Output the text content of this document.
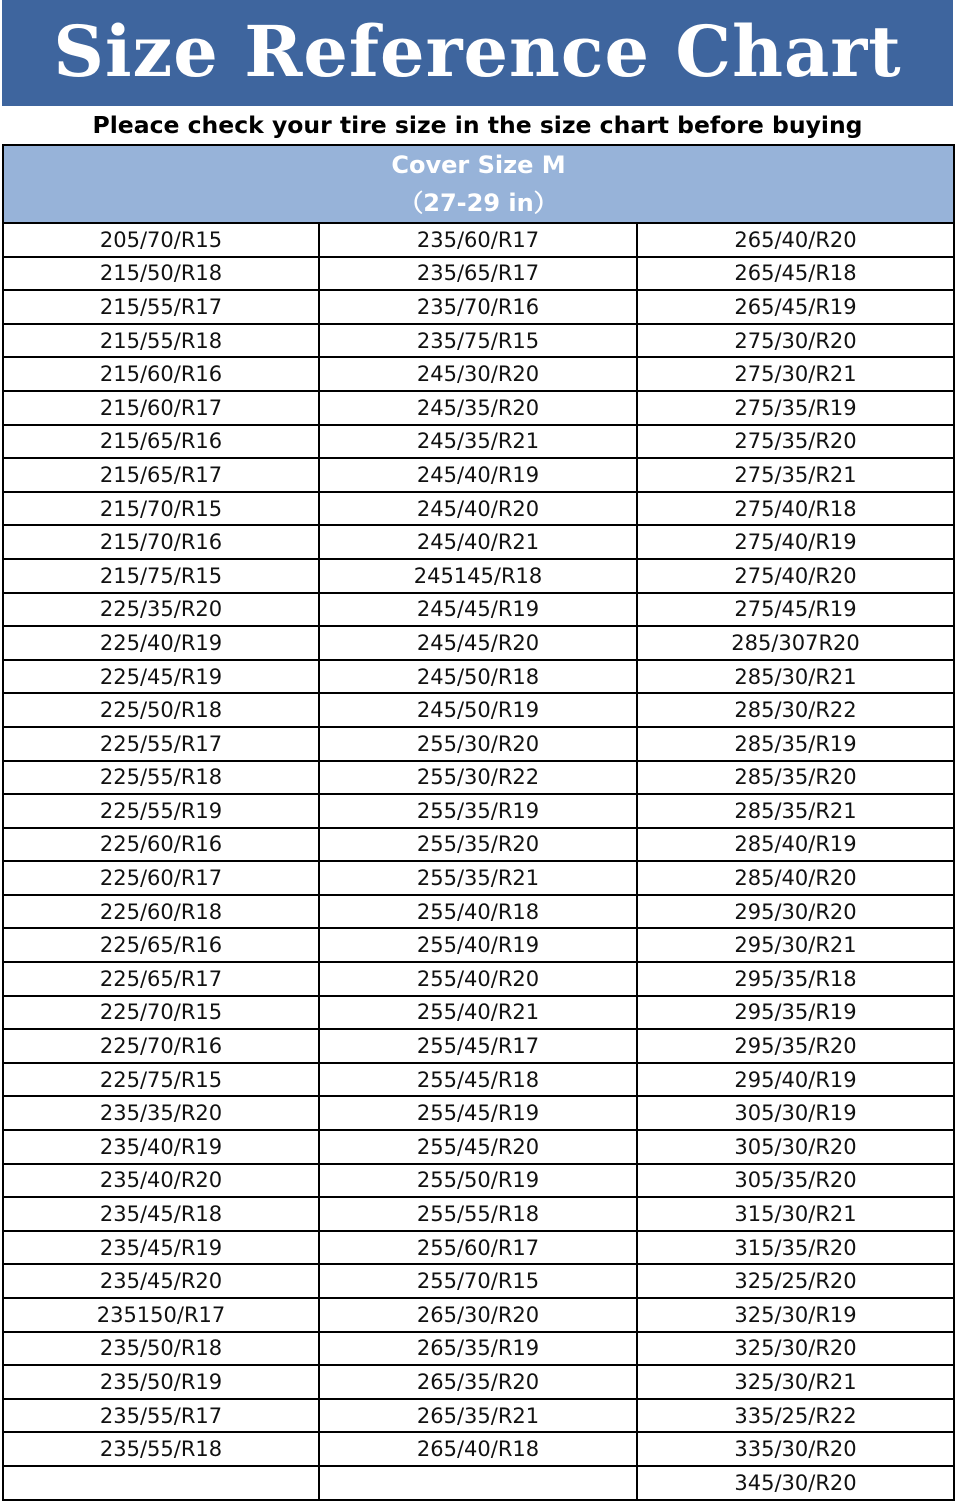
Size Reference Chart
Pleace check your tire size in the size chart before buying
Cover Size M
（27-29 in）		

205/70/R15	235/60/R17	265/40/R20
215/50/R18	235/65/R17	265/45/R18
215/55/R17	235/70/R16	265/45/R19
215/55/R18	235/75/R15	275/30/R20
215/60/R16	245/30/R20	275/30/R21
215/60/R17	245/35/R20	275/35/R19
215/65/R16	245/35/R21	275/35/R20
215/65/R17	245/40/R19	275/35/R21
215/70/R15	245/40/R20	275/40/R18
215/70/R16	245/40/R21	275/40/R19
215/75/R15	245145/R18	275/40/R20
225/35/R20	245/45/R19	275/45/R19
225/40/R19	245/45/R20	285/307R20
225/45/R19	245/50/R18	285/30/R21
225/50/R18	245/50/R19	285/30/R22
225/55/R17	255/30/R20	285/35/R19
225/55/R18	255/30/R22	285/35/R20
225/55/R19	255/35/R19	285/35/R21
225/60/R16	255/35/R20	285/40/R19
225/60/R17	255/35/R21	285/40/R20
225/60/R18	255/40/R18	295/30/R20
225/65/R16	255/40/R19	295/30/R21
225/65/R17	255/40/R20	295/35/R18
225/70/R15	255/40/R21	295/35/R19
225/70/R16	255/45/R17	295/35/R20
225/75/R15	255/45/R18	295/40/R19
235/35/R20	255/45/R19	305/30/R19
235/40/R19	255/45/R20	305/30/R20
235/40/R20	255/50/R19	305/35/R20
235/45/R18	255/55/R18	315/30/R21
235/45/R19	255/60/R17	315/35/R20
235/45/R20	255/70/R15	325/25/R20
235150/R17	265/30/R20	325/30/R19
235/50/R18	265/35/R19	325/30/R20
235/50/R19	265/35/R20	325/30/R21
235/55/R17	265/35/R21	335/25/R22
235/55/R18	265/40/R18	335/30/R20
		345/30/R20
